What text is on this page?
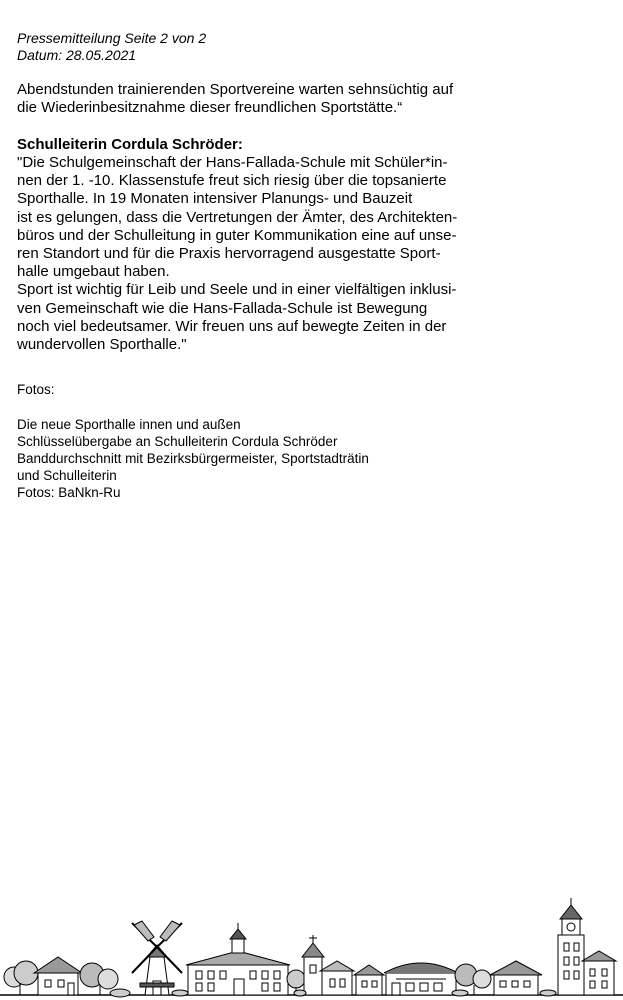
Pressemitteilung Seite 2 von 2
Datum: 28.05.2021
Abendstunden trainierenden Sportvereine warten sehnsüchtig auf
die Wiederinbesitznahme dieser freundlichen Sportstätte.“
Schulleiterin Cordula Schröder:
"Die Schulgemeinschaft der Hans-Fallada-Schule mit Schüler*in-
nen der 1. -10. Klassenstufe freut sich riesig über die topsanierte
Sporthalle. In 19 Monaten intensiver Planungs- und Bauzeit
ist es gelungen, dass die Vertretungen der Ämter, des Architekten-
büros und der Schulleitung in guter Kommunikation eine auf unse-
ren Standort und für die Praxis hervorragend ausgestatte Sport-
halle umgebaut haben.
Sport ist wichtig für Leib und Seele und in einer vielfältigen inklusi-
ven Gemeinschaft wie die Hans-Fallada-Schule ist Bewegung
noch viel bedeutsamer. Wir freuen uns auf bewegte Zeiten in der
wundervollen Sporthalle."
Fotos:
Die neue Sporthalle innen und außen
Schlüsselübergabe an Schulleiterin Cordula Schröder
Banddurchschnitt mit Bezirksbürgermeister, Sportstadträtin
und Schulleiterin
Fotos: BaNkn-Ru
